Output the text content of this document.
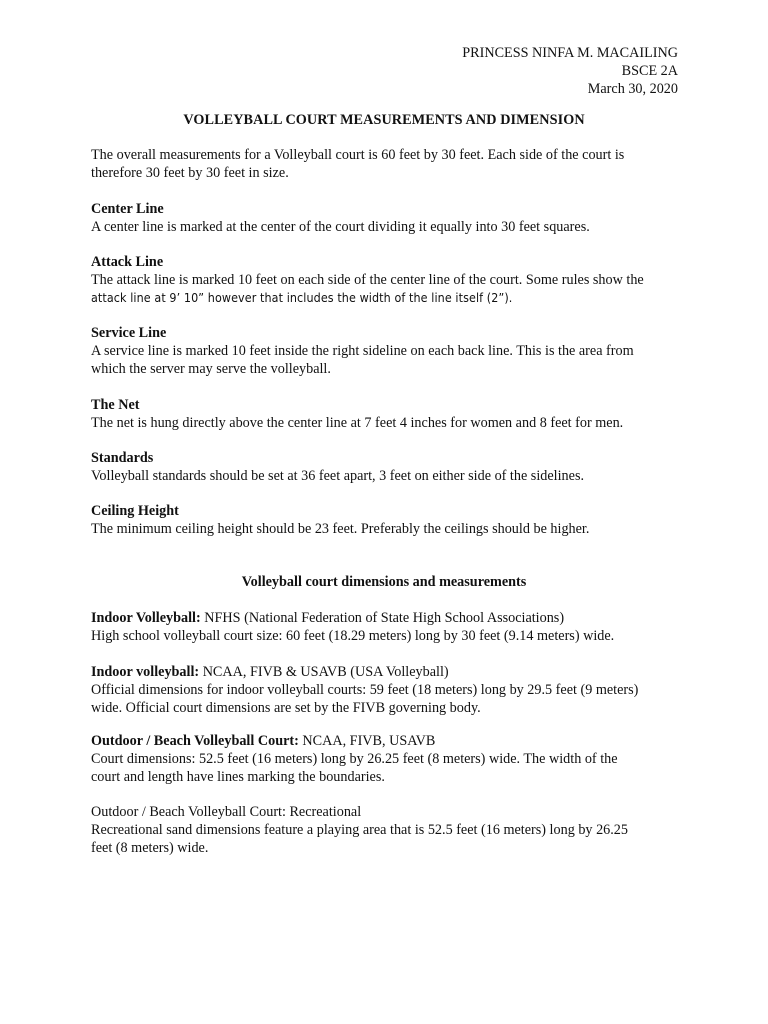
PRINCESS NINFA M. MACAILING
BSCE 2A
March 30, 2020
VOLLEYBALL COURT MEASUREMENTS AND DIMENSION

The overall measurements for a Volleyball court is 60 feet by 30 feet. Each side of the court is

therefore 30 feet by 30 feet in size.

Center Line

A center line is marked at the center of the court dividing it equally into 30 feet squares.

Attack Line

The attack line is marked 10 feet on each side of the center line of the court. Some rules show the

attack line at 9’ 10” however that includes the width of the line itself (2”).

Service Line

A service line is marked 10 feet inside the right sideline on each back line. This is the area from

which the server may serve the volleyball.

The Net

The net is hung directly above the center line at 7 feet 4 inches for women and 8 feet for men.

Standards

Volleyball standards should be set at 36 feet apart, 3 feet on either side of the sidelines.

Ceiling Height

The minimum ceiling height should be 23 feet. Preferably the ceilings should be higher.

Volleyball court dimensions and measurements

Indoor Volleyball: NFHS (National Federation of State High School Associations)

High school volleyball court size: 60 feet (18.29 meters) long by 30 feet (9.14 meters) wide.

Indoor volleyball: NCAA, FIVB & USAVB (USA Volleyball)

Official dimensions for indoor volleyball courts: 59 feet (18 meters) long by 29.5 feet (9 meters)

wide. Official court dimensions are set by the FIVB governing body.

Outdoor / Beach Volleyball Court: NCAA, FIVB, USAVB

Court dimensions: 52.5 feet (16 meters) long by 26.25 feet (8 meters) wide. The width of the

court and length have lines marking the boundaries.

Outdoor / Beach Volleyball Court: Recreational

Recreational sand dimensions feature a playing area that is 52.5 feet (16 meters) long by 26.25

feet (8 meters) wide.
